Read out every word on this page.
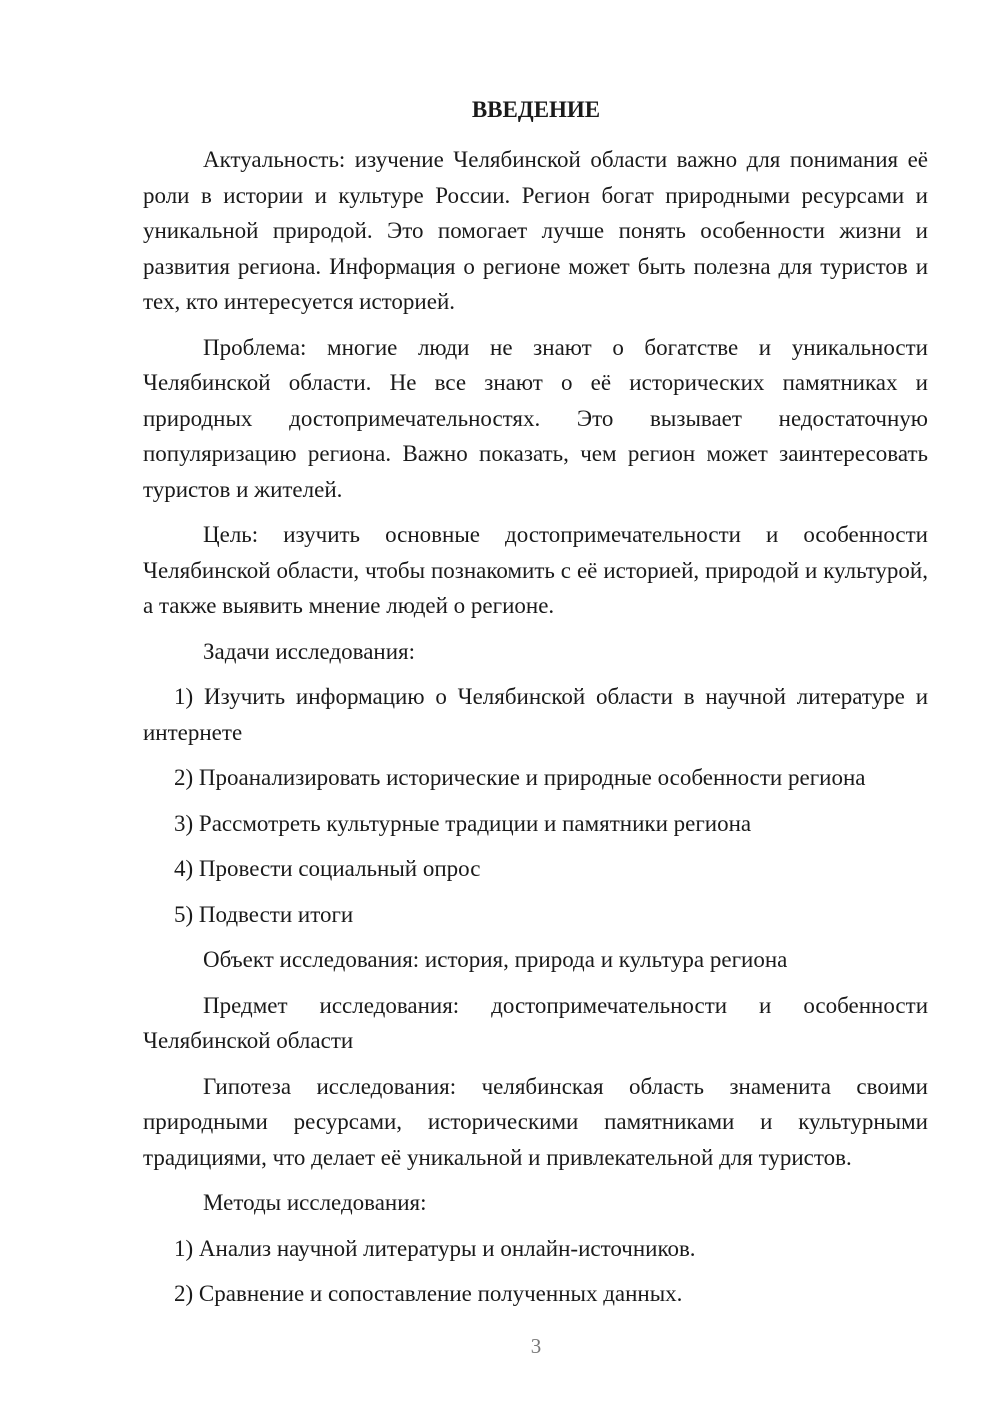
ВВЕДЕНИЕ

Актуальность: изучение Челябинской области важно для понимания её роли в истории и культуре России. Регион богат природными ресурсами и уникальной природой. Это помогает лучше понять особенности жизни и развития региона. Информация о регионе может быть полезна для туристов и тех, кто интересуется историей.

Проблема: многие люди не знают о богатстве и уникальности Челябинской области. Не все знают о её исторических памятниках и природных достопримечательностях. Это вызывает недостаточную популяризацию региона. Важно показать, чем регион может заинтересовать туристов и жителей.

Цель: изучить основные достопримечательности и особенности Челябинской области, чтобы познакомить с её историей, природой и культурой, а также выявить мнение людей о регионе.

Задачи исследования:

1) Изучить информацию о Челябинской области в научной литературе и интернете

2) Проанализировать исторические и природные особенности региона

3) Рассмотреть культурные традиции и памятники региона

4) Провести социальный опрос

5) Подвести итоги

Объект исследования: история, природа и культура региона

Предмет исследования: достопримечательности и особенности Челябинской области

Гипотеза исследования: челябинская область знаменита своими природными ресурсами, историческими памятниками и культурными традициями, что делает её уникальной и привлекательной для туристов.

Методы исследования:

1) Анализ научной литературы и онлайн-источников.

2) Сравнение и сопоставление полученных данных.

3
